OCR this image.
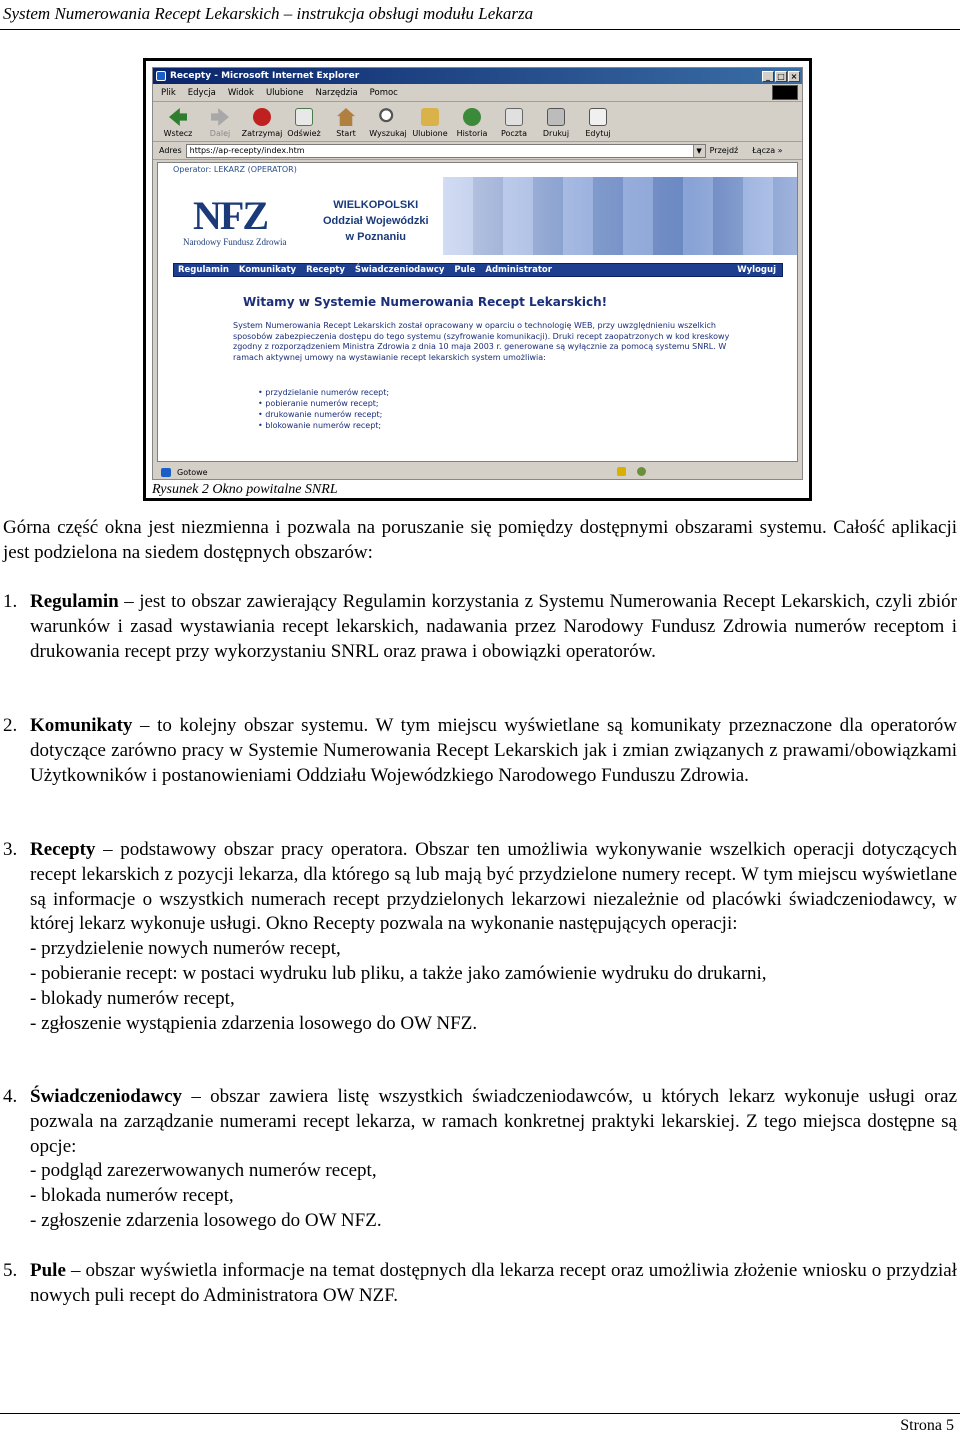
System Numerowania Recept Lekarskich – instrukcja obsługi modułu Lekarza
Recepty - Microsoft Internet Explorer	_ □ ×
Plik Edycja Widok Ulubione Narzędzia Pomoc
Wstecz Dalej Zatrzymaj Odśwież Start Wyszukaj Ulubione Historia Poczta Drukuj Edytuj
Adres https://ap-recepty/index.htm	▼ Przejdź Łącza »
Operator: LEKARZ (OPERATOR)
NFZ
Narodowy Fundusz Zdrowia
WIELKOPOLSKI
Oddział Wojewódzki
w Poznaniu
Regulamin Komunikaty Recepty Świadczeniodawcy Pule Administrator	Wyloguj
Witamy w Systemie Numerowania Recept Lekarskich!
System Numerowania Recept Lekarskich został opracowany w oparciu o technologię WEB, przy uwzględnieniu wszelkich sposobów zabezpieczenia dostępu do tego systemu (szyfrowanie komunikacji). Druki recept zaopatrzonych w kod kreskowy zgodny z rozporządzeniem Ministra Zdrowia z dnia 10 maja 2003 r. generowane są wyłącznie za pomocą systemu SNRL. W ramach aktywnej umowy na wystawianie recept lekarskich system umożliwia:
• przydzielanie numerów recept;
• pobieranie numerów recept;
• drukowanie numerów recept;
• blokowanie numerów recept;
Gotowe
Rysunek 2 Okno powitalne SNRL
Górna część okna jest niezmienna i pozwala na poruszanie się pomiędzy dostępnymi obszarami systemu. Całość aplikacji jest podzielona na siedem dostępnych obszarów:
1. Regulamin – jest to obszar zawierający Regulamin korzystania z Systemu Numerowania Recept Lekarskich, czyli zbiór warunków i zasad wystawiania recept lekarskich, nadawania przez Narodowy Fundusz Zdrowia numerów receptom i drukowania recept przy wykorzystaniu SNRL oraz prawa i obowiązki operatorów.
2. Komunikaty – to kolejny obszar systemu. W tym miejscu wyświetlane są komunikaty przeznaczone dla operatorów dotyczące zarówno pracy w Systemie Numerowania Recept Lekarskich jak i zmian związanych z prawami/obowiązkami Użytkowników i postanowieniami Oddziału Wojewódzkiego Narodowego Funduszu Zdrowia.
3. Recepty – podstawowy obszar pracy operatora. Obszar ten umożliwia wykonywanie wszelkich operacji dotyczących recept lekarskich z pozycji lekarza, dla którego są lub mają być przydzielone numery recept. W tym miejscu wyświetlane są informacje o wszystkich numerach recept przydzielonych lekarzowi niezależnie od placówki świadczeniodawcy, w której lekarz wykonuje usługi. Okno Recepty pozwala na wykonanie następujących operacji:
- przydzielenie nowych numerów recept,
- pobieranie recept: w postaci wydruku lub pliku, a także jako zamówienie wydruku do drukarni,
- blokady numerów recept,
- zgłoszenie wystąpienia zdarzenia losowego do OW NFZ.
4. Świadczeniodawcy – obszar zawiera listę wszystkich świadczeniodawców, u których lekarz wykonuje usługi oraz pozwala na zarządzanie numerami recept lekarza, w ramach konkretnej praktyki lekarskiej. Z tego miejsca dostępne są opcje:
- podgląd zarezerwowanych numerów recept,
- blokada numerów recept,
- zgłoszenie zdarzenia losowego do OW NFZ.
5. Pule – obszar wyświetla informacje na temat dostępnych dla lekarza recept oraz umożliwia złożenie wniosku o przydział nowych puli recept do Administratora OW NZF.
Strona 5
